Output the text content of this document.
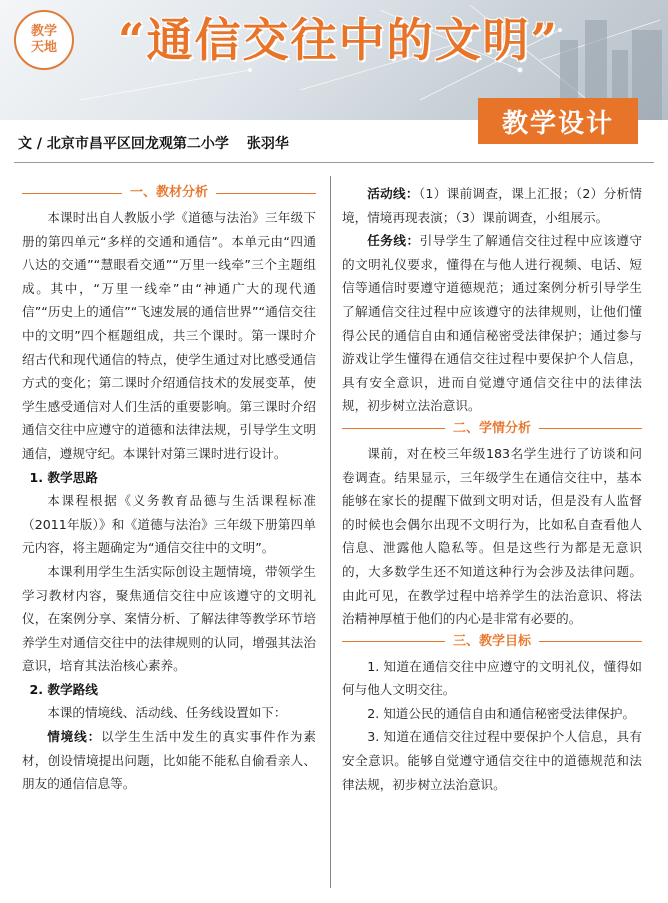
教学
天地 “通信交往中的文明”
教学设计
文 / 北京市昌平区回龙观第二小学 张羽华
一、教材分析

本课时出自人教版小学《道德与法治》三年级下册的第四单元“多样的交通和通信”。本单元由“四通八达的交通”“慧眼看交通”“万里一线牵”三个主题组成。其中，“万里一线牵”由“神通广大的现代通信”“历史上的通信”“飞速发展的通信世界”“通信交往中的文明”四个框题组成，共三个课时。第一课时介绍古代和现代通信的特点，使学生通过对比感受通信方式的变化；第二课时介绍通信技术的发展变革，使学生感受通信对人们生活的重要影响。第三课时介绍通信交往中应遵守的道德和法律法规，引导学生文明通信，遵规守纪。本课针对第三课时进行设计。

1. 教学思路

本课程根据《义务教育品德与生活课程标准（2011年版）》和《道德与法治》三年级下册第四单元内容，将主题确定为“通信交往中的文明”。

本课利用学生生活实际创设主题情境，带领学生学习教材内容，聚焦通信交往中应该遵守的文明礼仪，在案例分享、案情分析、了解法律等教学环节培养学生对通信交往中的法律规则的认同，增强其法治意识，培育其法治核心素养。

2. 教学路线

本课的情境线、活动线、任务线设置如下：

情境线：以学生生活中发生的真实事件作为素材，创设情境提出问题，比如能不能私自偷看亲人、朋友的通信信息等。

活动线：（1）课前调查，课上汇报；（2）分析情境，情境再现表演；（3）课前调查，小组展示。

任务线：引导学生了解通信交往过程中应该遵守的文明礼仪要求，懂得在与他人进行视频、电话、短信等通信时要遵守道德规范；通过案例分析引导学生了解通信交往过程中应该遵守的法律规则，让他们懂得公民的通信自由和通信秘密受法律保护；通过参与游戏让学生懂得在通信交往过程中要保护个人信息，具有安全意识，进而自觉遵守通信交往中的法律法规，初步树立法治意识。

二、学情分析

课前，对在校三年级183名学生进行了访谈和问卷调查。结果显示，三年级学生在通信交往中，基本能够在家长的提醒下做到文明对话，但是没有人监督的时候也会偶尔出现不文明行为，比如私自查看他人信息、泄露他人隐私等。但是这些行为都是无意识的，大多数学生还不知道这种行为会涉及法律问题。由此可见，在教学过程中培养学生的法治意识、将法治精神厚植于他们的内心是非常有必要的。

三、教学目标

1. 知道在通信交往中应遵守的文明礼仪，懂得如何与他人文明交往。

2. 知道公民的通信自由和通信秘密受法律保护。

3. 知道在通信交往过程中要保护个人信息，具有安全意识。能够自觉遵守通信交往中的道德规范和法律法规，初步树立法治意识。
